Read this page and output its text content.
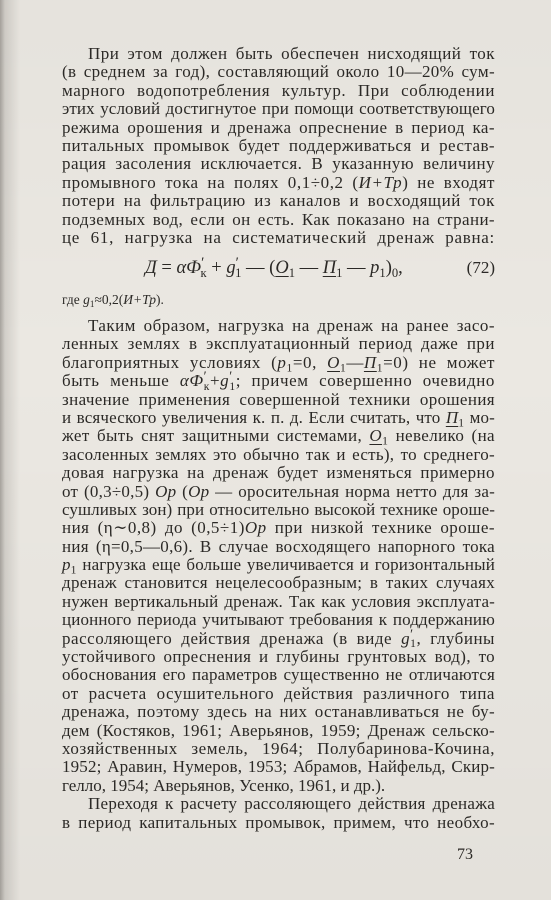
При этом должен быть обеспечен нисходящий ток
(в среднем за год), составляющий около 10—20% сум-
марного водопотребления культур. При соблюдении
этих условий достигнутое при помощи соответствующего
режима орошения и дренажа опреснение в период ка-
питальных промывок будет поддерживаться и рестав-
рация засоления исключается. В указанную величину
промывного тока на полях 0,1÷0,2 (И+Тр) не входят
потери на фильтрацию из каналов и восходящий ток
подземных вод, если он есть. Как показано на страни-
це 61, нагрузка на систематический дренаж равна:
$Д = \alpha Ф'_к + g'_1$ — ($О_1$ — $П_1$ — $p_1)_0$,	(72)
где $g_1\approx 0,2(И+Тр)$.
Таким образом, нагрузка на дренаж на ранее засо-
ленных землях в эксплуатационный период даже при
благоприятных условиях ($p_1=0$, $О_1—П_1=0$) не может
быть меньше $\alpha Ф'_к+g'_1$; причем совершенно очевидно
значение применения совершенной техники орошения
и всяческого увеличения к. п. д. Если считать, что $П_1$ мо-
жет быть снят защитными системами, $О_1$ невелико (на
засоленных землях это обычно так и есть), то среднего-
довая нагрузка на дренаж будет изменяться примерно
от (0,3÷0,5) Ор (Ор — оросительная норма нетто для за-
сушливых зон) при относительно высокой технике ороше-
ния (η∼0,8) до (0,5÷1)Ор при низкой технике ороше-
ния (η=0,5—0,6). В случае восходящего напорного тока
$p_1$ нагрузка еще больше увеличивается и горизонтальный
дренаж становится нецелесообразным; в таких случаях
нужен вертикальный дренаж. Так как условия эксплуата-
ционного периода учитывают требования к поддержанию
рассоляющего действия дренажа (в виде $g'_1$, глубины
устойчивого опреснения и глубины грунтовых вод), то
обоснования его параметров существенно не отличаются
от расчета осушительного действия различного типа
дренажа, поэтому здесь на них останавливаться не бу-
дем (Костяков, 1961; Аверьянов, 1959; Дренаж сельско-
хозяйственных земель, 1964; Полубаринова-Кочина,
1952; Аравин, Нумеров, 1953; Абрамов, Найфельд, Скир-
гелло, 1954; Аверьянов, Усенко, 1961, и др.).
Переходя к расчету рассоляющего действия дренажа
в период капитальных промывок, примем, что необхо-
73
